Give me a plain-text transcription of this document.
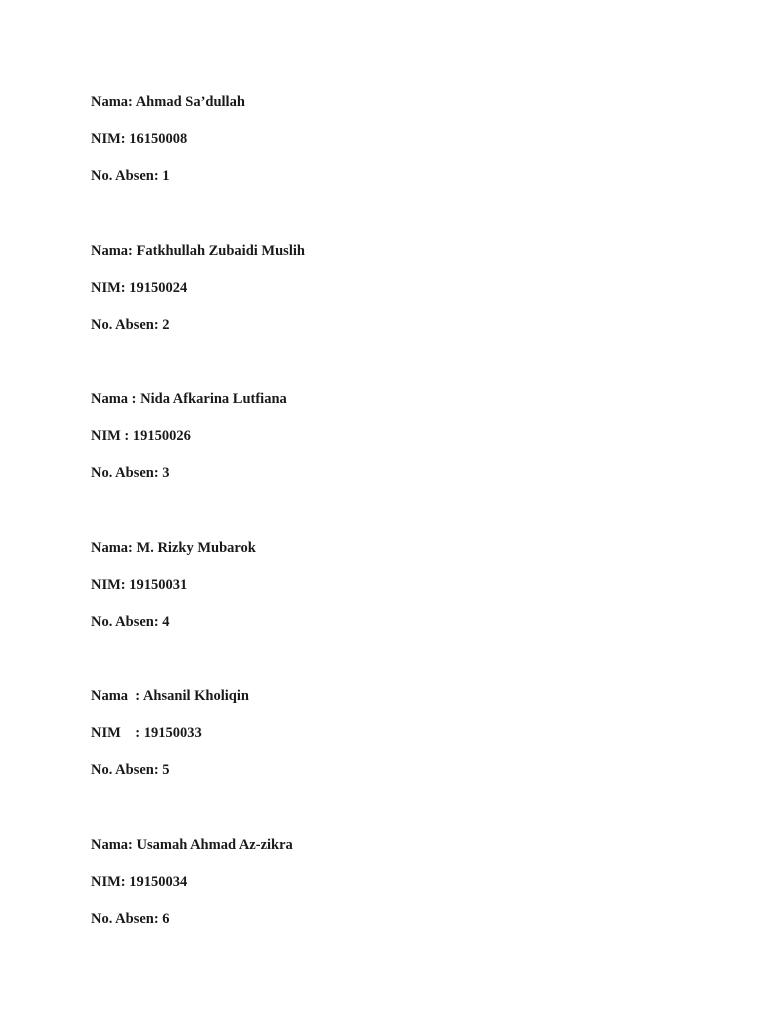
Nama: Ahmad Sa’dullah
NIM: 16150008
No. Absen: 1
Nama: Fatkhullah Zubaidi Muslih
NIM: 19150024
No. Absen: 2
Nama : Nida Afkarina Lutfiana
NIM : 19150026
No. Absen: 3
Nama: M. Rizky Mubarok
NIM: 19150031
No. Absen: 4
Nama  : Ahsanil Kholiqin
NIM    : 19150033
No. Absen: 5
Nama: Usamah Ahmad Az-zikra
NIM: 19150034
No. Absen: 6
